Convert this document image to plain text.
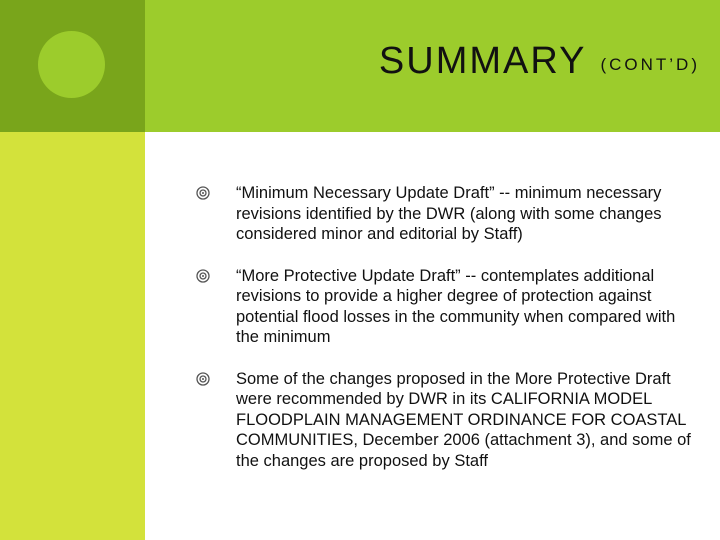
SUMMARY (CONT’D)
“Minimum Necessary Update Draft” -- minimum necessary revisions identified by the DWR (along with some changes considered minor and editorial by Staff)
“More Protective Update Draft” -- contemplates additional revisions to provide a higher degree of protection against potential flood losses in the community when compared with the minimum
Some of the changes proposed in the More Protective Draft were recommended by DWR in its CALIFORNIA MODEL FLOODPLAIN MANAGEMENT ORDINANCE FOR COASTAL COMMUNITIES, December 2006 (attachment 3), and some of the changes are proposed by Staff
